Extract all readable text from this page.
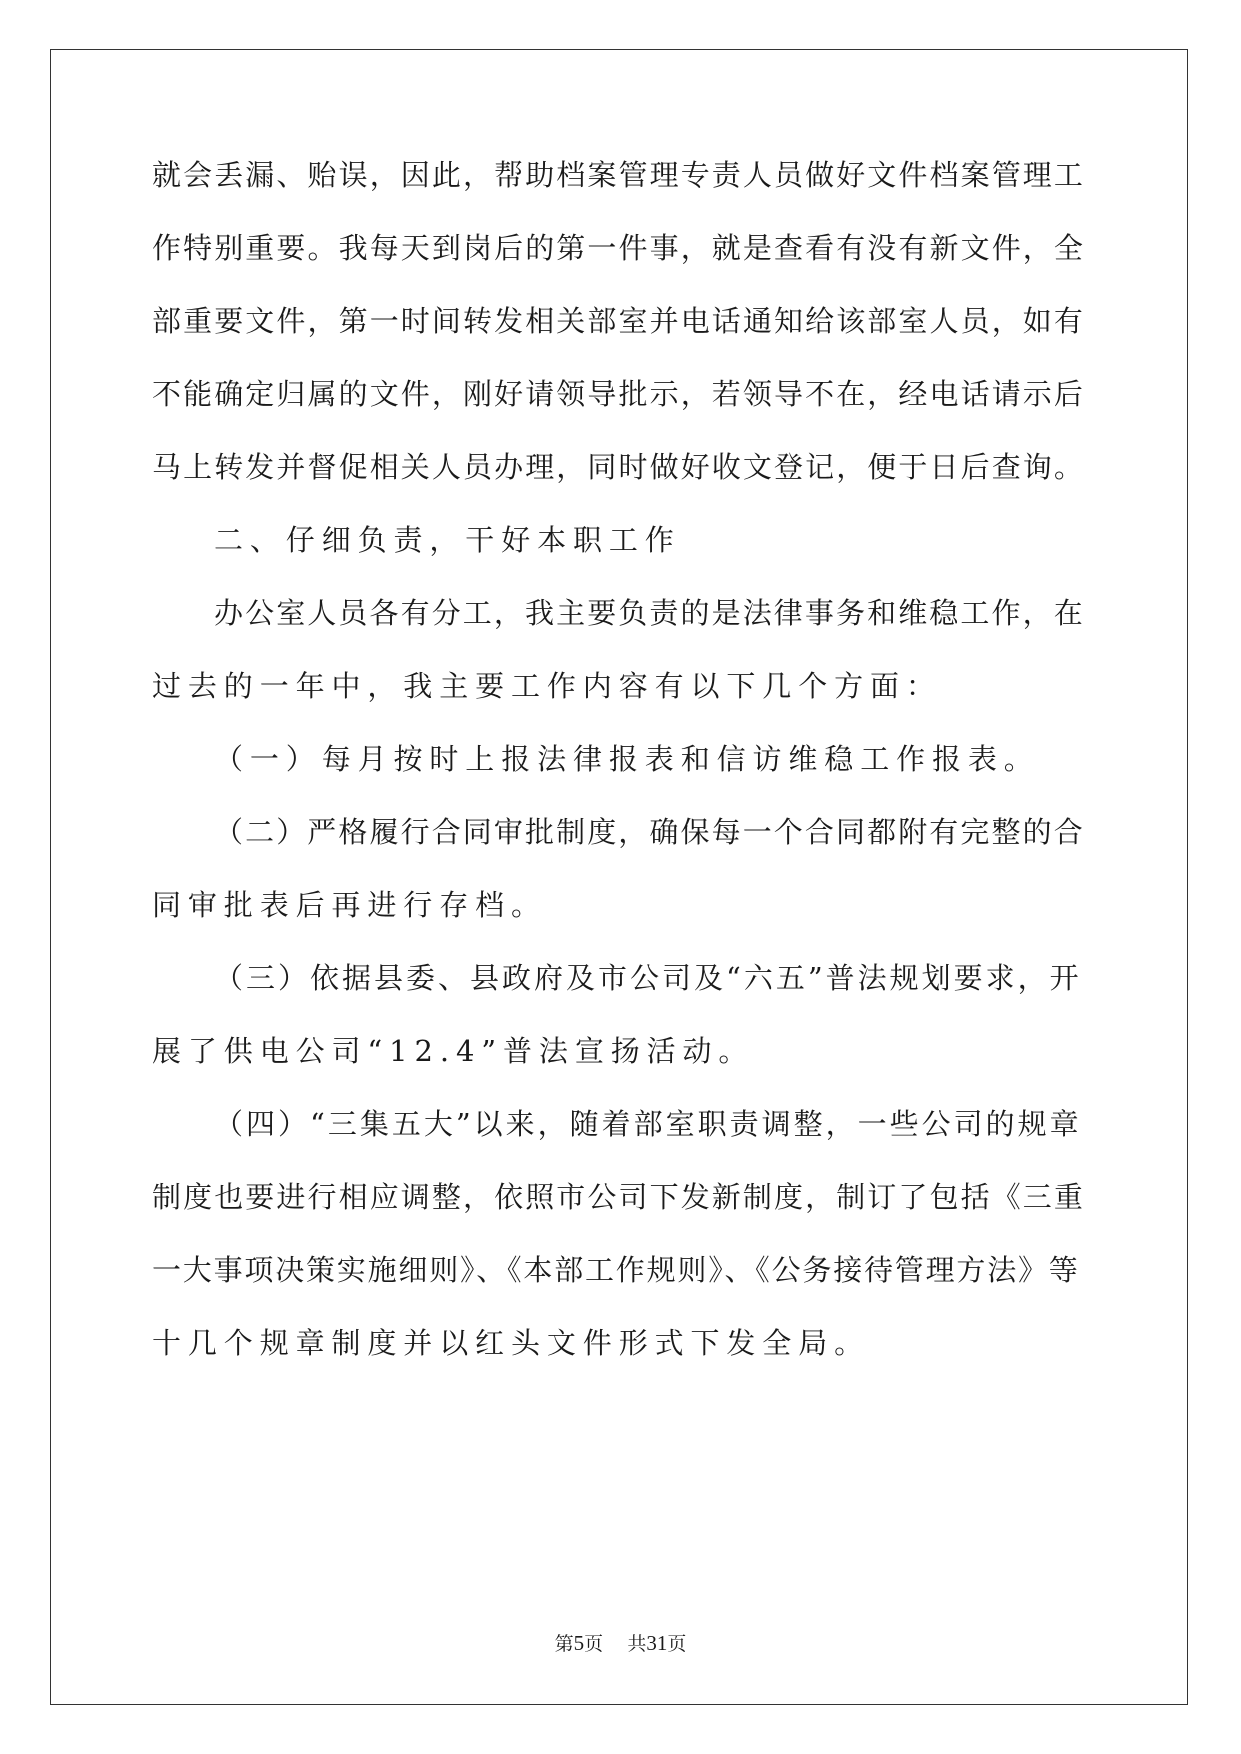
就会丢漏、贻误，因此，帮助档案管理专责人员做好文件档案管理工
作特别重要。我每天到岗后的第一件事，就是查看有没有新文件，全
部重要文件，第一时间转发相关部室并电话通知给该部室人员，如有
不能确定归属的文件，刚好请领导批示，若领导不在，经电话请示后
马上转发并督促相关人员办理，同时做好收文登记，便于日后查询。
二、仔细负责，干好本职工作
办公室人员各有分工，我主要负责的是法律事务和维稳工作，在
过去的一年中，我主要工作内容有以下几个方面：
（一）每月按时上报法律报表和信访维稳工作报表。
（二）严格履行合同审批制度，确保每一个合同都附有完整的合
同审批表后再进行存档。
（三）依据县委、县政府及市公司及“六五”普法规划要求，开
展了供电公司“12.4”普法宣扬活动。
（四）“三集五大”以来，随着部室职责调整，一些公司的规章
制度也要进行相应调整，依照市公司下发新制度，制订了包括《三重
一大事项决策实施细则》、《本部工作规则》、《公务接待管理方法》等
十几个规章制度并以红头文件形式下发全局。
第5页 共31页
